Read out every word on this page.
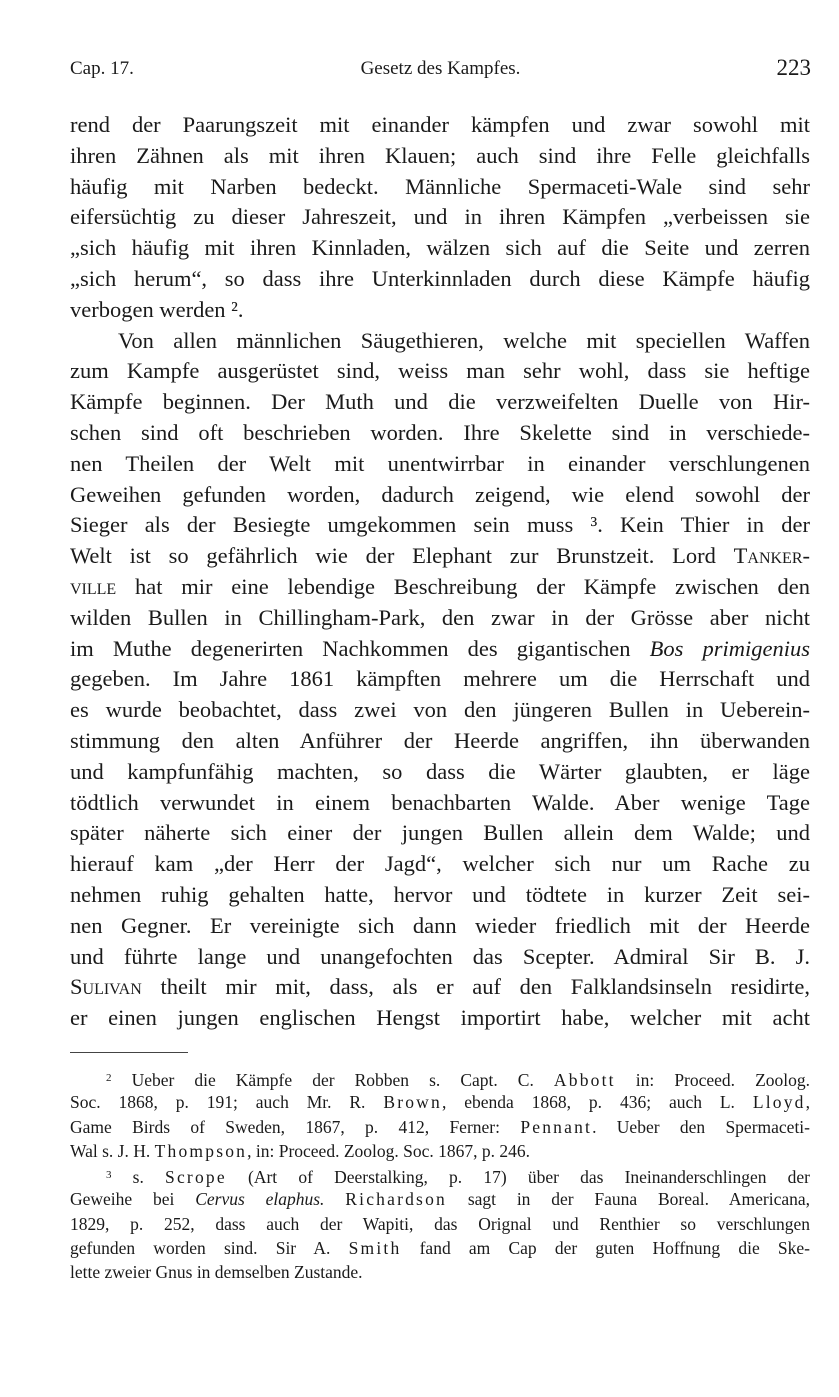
Cap. 17.	Gesetz des Kampfes.	223
rend der Paarungszeit mit einander kämpfen und zwar sowohl mit
ihren Zähnen als mit ihren Klauen; auch sind ihre Felle gleichfalls
häufig mit Narben bedeckt. Männliche Spermaceti-Wale sind sehr
eifersüchtig zu dieser Jahreszeit, und in ihren Kämpfen „verbeissen sie
„sich häufig mit ihren Kinnladen, wälzen sich auf die Seite und zerren
„sich herum“, so dass ihre Unterkinnladen durch diese Kämpfe häufig
verbogen werden ².
Von allen männlichen Säugethieren, welche mit speciellen Waffen
zum Kampfe ausgerüstet sind, weiss man sehr wohl, dass sie heftige
Kämpfe beginnen. Der Muth und die verzweifelten Duelle von Hir-
schen sind oft beschrieben worden. Ihre Skelette sind in verschiede-
nen Theilen der Welt mit unentwirrbar in einander verschlungenen
Geweihen gefunden worden, dadurch zeigend, wie elend sowohl der
Sieger als der Besiegte umgekommen sein muss ³. Kein Thier in der
Welt ist so gefährlich wie der Elephant zur Brunstzeit. Lord Tanker-
ville hat mir eine lebendige Beschreibung der Kämpfe zwischen den
wilden Bullen in Chillingham-Park, den zwar in der Grösse aber nicht
im Muthe degenerirten Nachkommen des gigantischen Bos primigenius
gegeben. Im Jahre 1861 kämpften mehrere um die Herrschaft und
es wurde beobachtet, dass zwei von den jüngeren Bullen in Ueberein-
stimmung den alten Anführer der Heerde angriffen, ihn überwanden
und kampfunfähig machten, so dass die Wärter glaubten, er läge
tödtlich verwundet in einem benachbarten Walde. Aber wenige Tage
später näherte sich einer der jungen Bullen allein dem Walde; und
hierauf kam „der Herr der Jagd“, welcher sich nur um Rache zu
nehmen ruhig gehalten hatte, hervor und tödtete in kurzer Zeit sei-
nen Gegner. Er vereinigte sich dann wieder friedlich mit der Heerde
und führte lange und unangefochten das Scepter. Admiral Sir B. J.
Sulivan theilt mir mit, dass, als er auf den Falklandsinseln residirte,
er einen jungen englischen Hengst importirt habe, welcher mit acht
$^2$ Ueber die Kämpfe der Robben s. Capt. C. Abbott in: Proceed. Zoolog.
Soc. 1868, p. 191; auch Mr. R. Brown, ebenda 1868, p. 436; auch L. Lloyd,
Game Birds of Sweden, 1867, p. 412, Ferner: Pennant. Ueber den Spermaceti-
Wal s. J. H. Thompson, in: Proceed. Zoolog. Soc. 1867, p. 246.
$^3$ s. Scrope (Art of Deerstalking, p. 17) über das Ineinanderschlingen der
Geweihe bei Cervus elaphus. Richardson sagt in der Fauna Boreal. Americana,
1829, p. 252, dass auch der Wapiti, das Orignal und Renthier so verschlungen
gefunden worden sind. Sir A. Smith fand am Cap der guten Hoffnung die Ske-
lette zweier Gnus in demselben Zustande.
